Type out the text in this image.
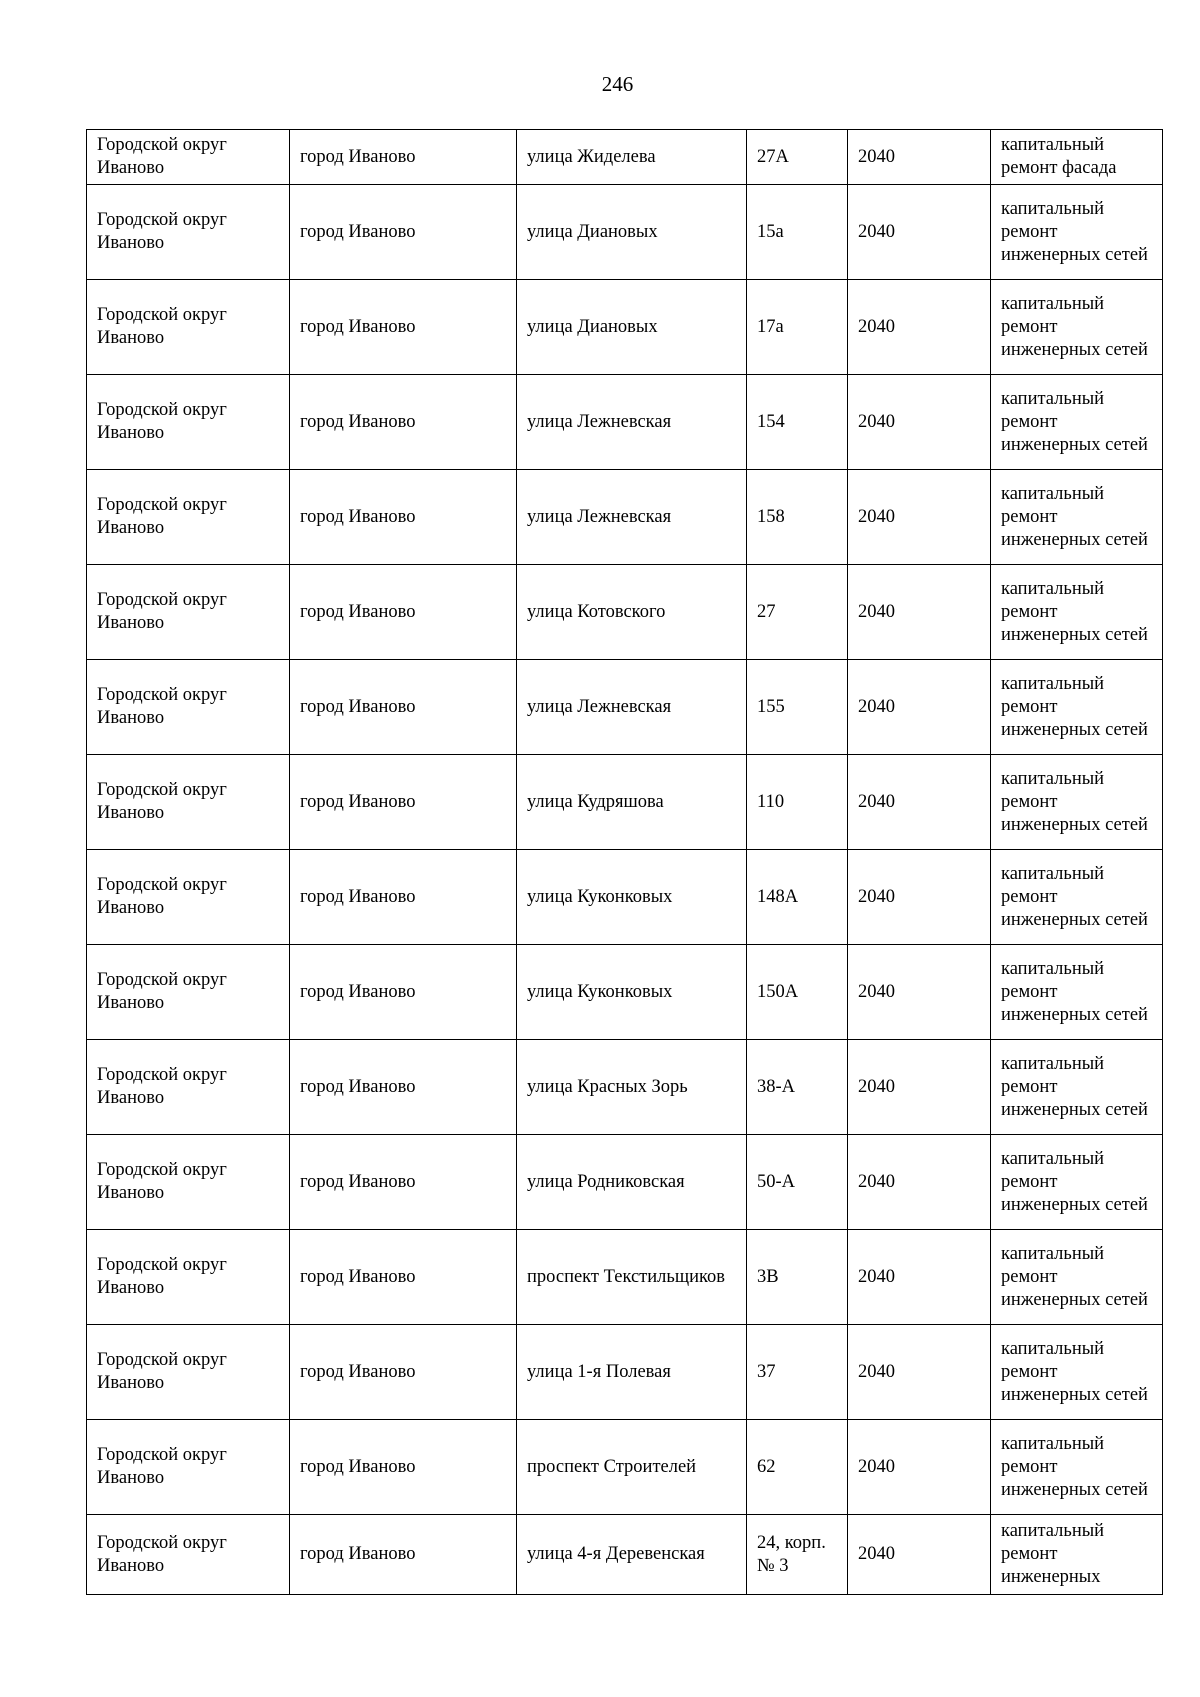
246
Городской округ Иваново	город Иваново	улица Жиделева	27А	2040	капитальный ремонт фасада
Городской округ Иваново	город Иваново	улица Диановых	15а	2040	капитальный ремонт инженерных сетей
Городской округ Иваново	город Иваново	улица Диановых	17а	2040	капитальный ремонт инженерных сетей
Городской округ Иваново	город Иваново	улица Лежневская	154	2040	капитальный ремонт инженерных сетей
Городской округ Иваново	город Иваново	улица Лежневская	158	2040	капитальный ремонт инженерных сетей
Городской округ Иваново	город Иваново	улица Котовского	27	2040	капитальный ремонт инженерных сетей
Городской округ Иваново	город Иваново	улица Лежневская	155	2040	капитальный ремонт инженерных сетей
Городской округ Иваново	город Иваново	улица Кудряшова	110	2040	капитальный ремонт инженерных сетей
Городской округ Иваново	город Иваново	улица Куконковых	148А	2040	капитальный ремонт инженерных сетей
Городской округ Иваново	город Иваново	улица Куконковых	150А	2040	капитальный ремонт инженерных сетей
Городской округ Иваново	город Иваново	улица Красных Зорь	38-А	2040	капитальный ремонт инженерных сетей
Городской округ Иваново	город Иваново	улица Родниковская	50-А	2040	капитальный ремонт инженерных сетей
Городской округ Иваново	город Иваново	проспект Текстильщиков	3В	2040	капитальный ремонт инженерных сетей
Городской округ Иваново	город Иваново	улица 1-я Полевая	37	2040	капитальный ремонт инженерных сетей
Городской округ Иваново	город Иваново	проспект Строителей	62	2040	капитальный ремонт инженерных сетей
Городской округ Иваново	город Иваново	улица 4-я Деревенская	24, корп. № 3	2040	капитальный ремонт инженерных
